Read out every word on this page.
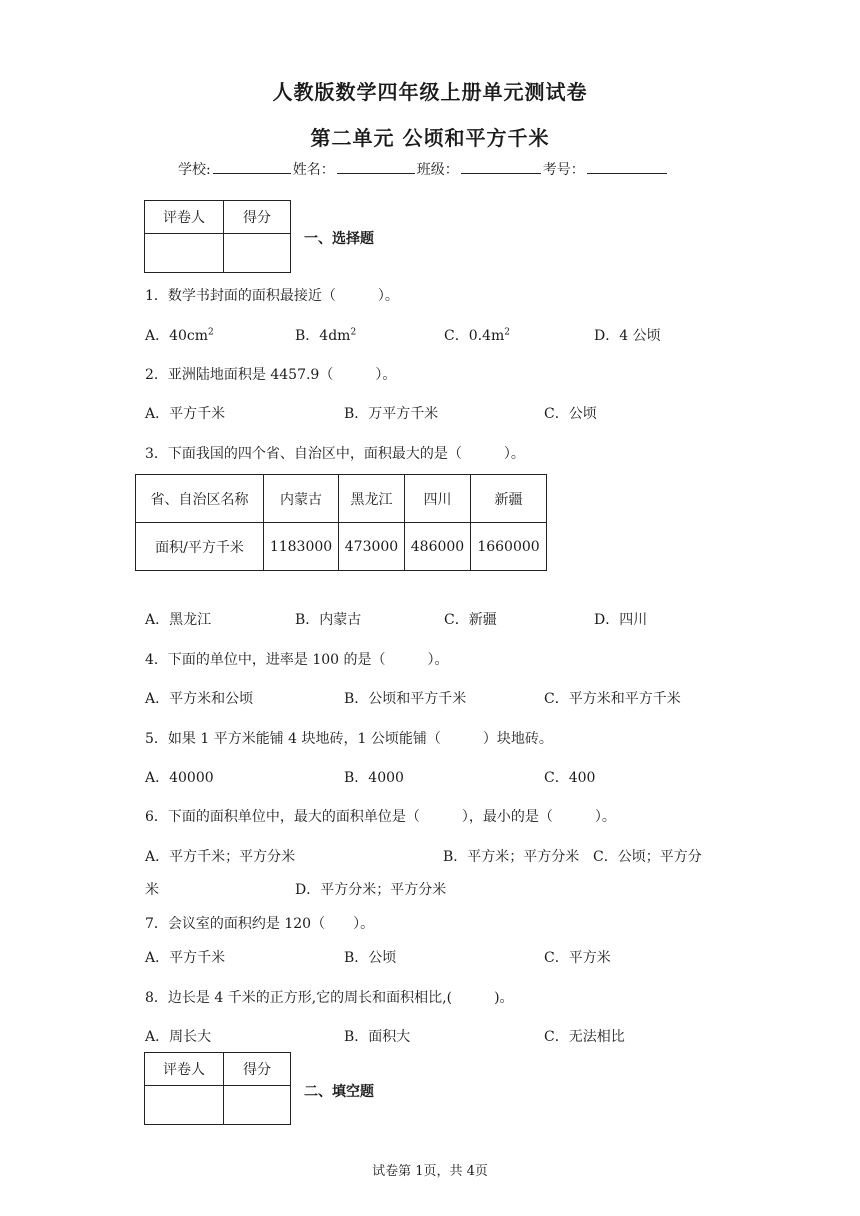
人教版数学四年级上册单元测试卷
第二单元 公顷和平方千米
学校:	姓名：	班级：	考号：
评卷人	得分

一、选择题
1．数学书封面的面积最接近（　　　）。
A．$40cm^2$	B．$4dm^2$	C．$0.4m^2$	D．4 公顷
2．亚洲陆地面积是 4457.9（　　　）。
A．平方千米	B．万平方千米	C．公顷
3．下面我国的四个省、自治区中，面积最大的是（　　　）。
省、自治区名称	内蒙古	黑龙江	四川	新疆
面积/平方千米	1183000	473000	486000	1660000
A．黑龙江	B．内蒙古	C．新疆	D．四川
4．下面的单位中，进率是 100 的是（　　　）。
A．平方米和公顷	B．公顷和平方千米	C．平方米和平方千米
5．如果 1 平方米能铺 4 块地砖，1 公顷能铺（　　　）块地砖。
A．40000	B．4000	C．400
6．下面的面积单位中，最大的面积单位是（　　　），最小的是（　　　）。
A．平方千米；平方分米	B．平方米；平方分米 C．公顷；平方分
米	D．平方分米；平方分米
7．会议室的面积约是 120（　　）。
A．平方千米	B．公顷	C．平方米
8．边长是 4 千米的正方形,它的周长和面积相比,(　　　)。
A．周长大	B．面积大	C．无法相比
评卷人	得分

二、填空题
试卷第 1页，共 4页
